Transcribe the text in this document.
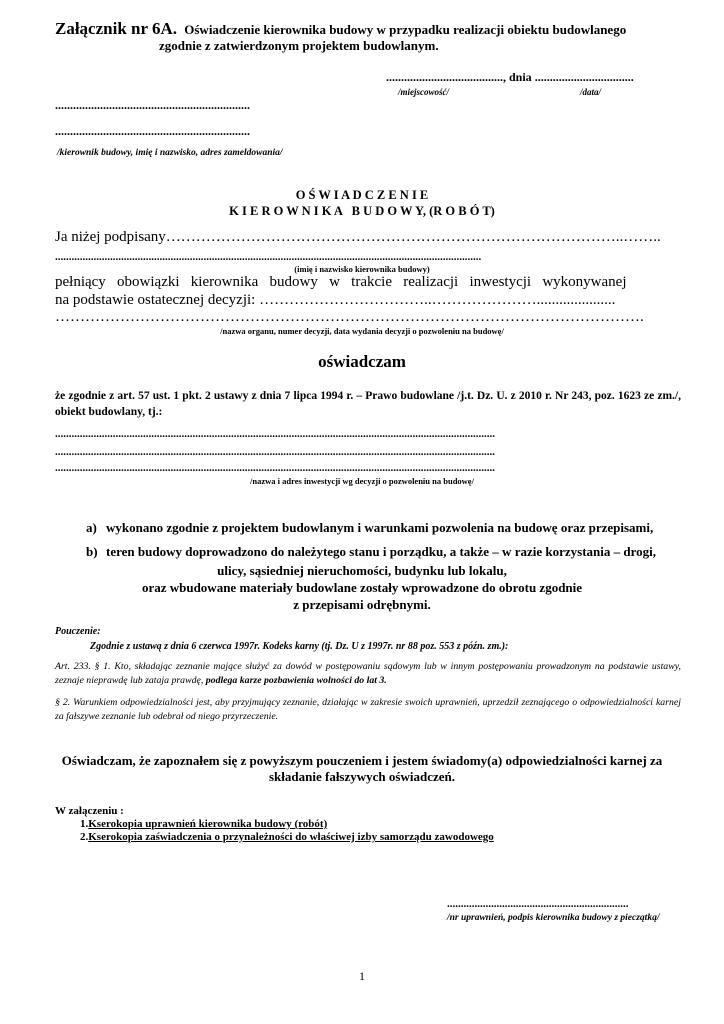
Załącznik nr 6A. Oświadczenie kierownika budowy w przypadku realizacji obiektu budowlanego
zgodnie z zatwierdzonym projektem budowlanym.
......................................., dnia .................................
/miejscowość/	/data/
.................................................................
.................................................................
/kierownik budowy, imię i nazwisko, adres zameldowania/
O Ś W I A D C Z E N I E
K I E R O W N I K A   B U D O W Y, (R O B Ó T)
Ja niżej podpisany………………………………………………………………………………..……..
...........................................................................................................................................................
(imię i nazwisko kierownika budowy)
pełniący   obowiązki   kierownika   budowy   w   trakcie   realizacji   inwestycji   wykonywanej
na podstawie ostatecznej decyzji: ……………………………..………………….....................
……………………………………………………………………………………………………….
/nazwa organu, numer decyzji, data wydania decyzji o pozwoleniu na budowę/
oświadczam
że zgodnie z art. 57 ust. 1 pkt. 2 ustawy z dnia 7 lipca 1994 r. – Prawo budowlane /j.t. Dz. U. z 2010 r. Nr 243, poz. 1623 ze zm./, obiekt budowlany, tj.:
................................................................................................................................................................
................................................................................................................................................................
................................................................................................................................................................
/nazwa i adres inwestycji wg decyzji o pozwoleniu na budowę/
a) wykonano zgodnie z projektem budowlanym i warunkami pozwolenia na budowę oraz przepisami,
b) teren budowy doprowadzono do należytego stanu i porządku, a także – w razie korzystania – drogi,
ulicy, sąsiedniej nieruchomości, budynku lub lokalu,
oraz wbudowane materiały budowlane zostały wprowadzone do obrotu zgodnie
z przepisami odrębnymi.
Pouczenie:
Zgodnie z ustawą z dnia 6 czerwca 1997r. Kodeks karny (tj. Dz. U z 1997r. nr 88 poz. 553 z późn. zm.):
Art. 233. § 1. Kto, składając zeznanie mające służyć za dowód w postępowaniu sądowym lub w innym postępowaniu prowadzonym na podstawie ustawy, zeznaje nieprawdę lub zataja prawdę, podlega karze pozbawienia wolności do lat 3.
§ 2. Warunkiem odpowiedzialności jest, aby przyjmujący zeznanie, działając w zakresie swoich uprawnień, uprzedził zeznającego o odpowiedzialności karnej za fałszywe zeznanie lub odebrał od niego przyrzeczenie.
Oświadczam, że zapoznałem się z powyższym pouczeniem i jestem świadomy(a) odpowiedzialności karnej za
składanie fałszywych oświadczeń.
W załączeniu :
1.Kserokopia uprawnień kierownika budowy (robót)
2.Kserokopia zaświadczenia o przynależności do właściwej izby samorządu zawodowego
..................................................................
/nr uprawnień, podpis kierownika budowy z pieczątką/
1
